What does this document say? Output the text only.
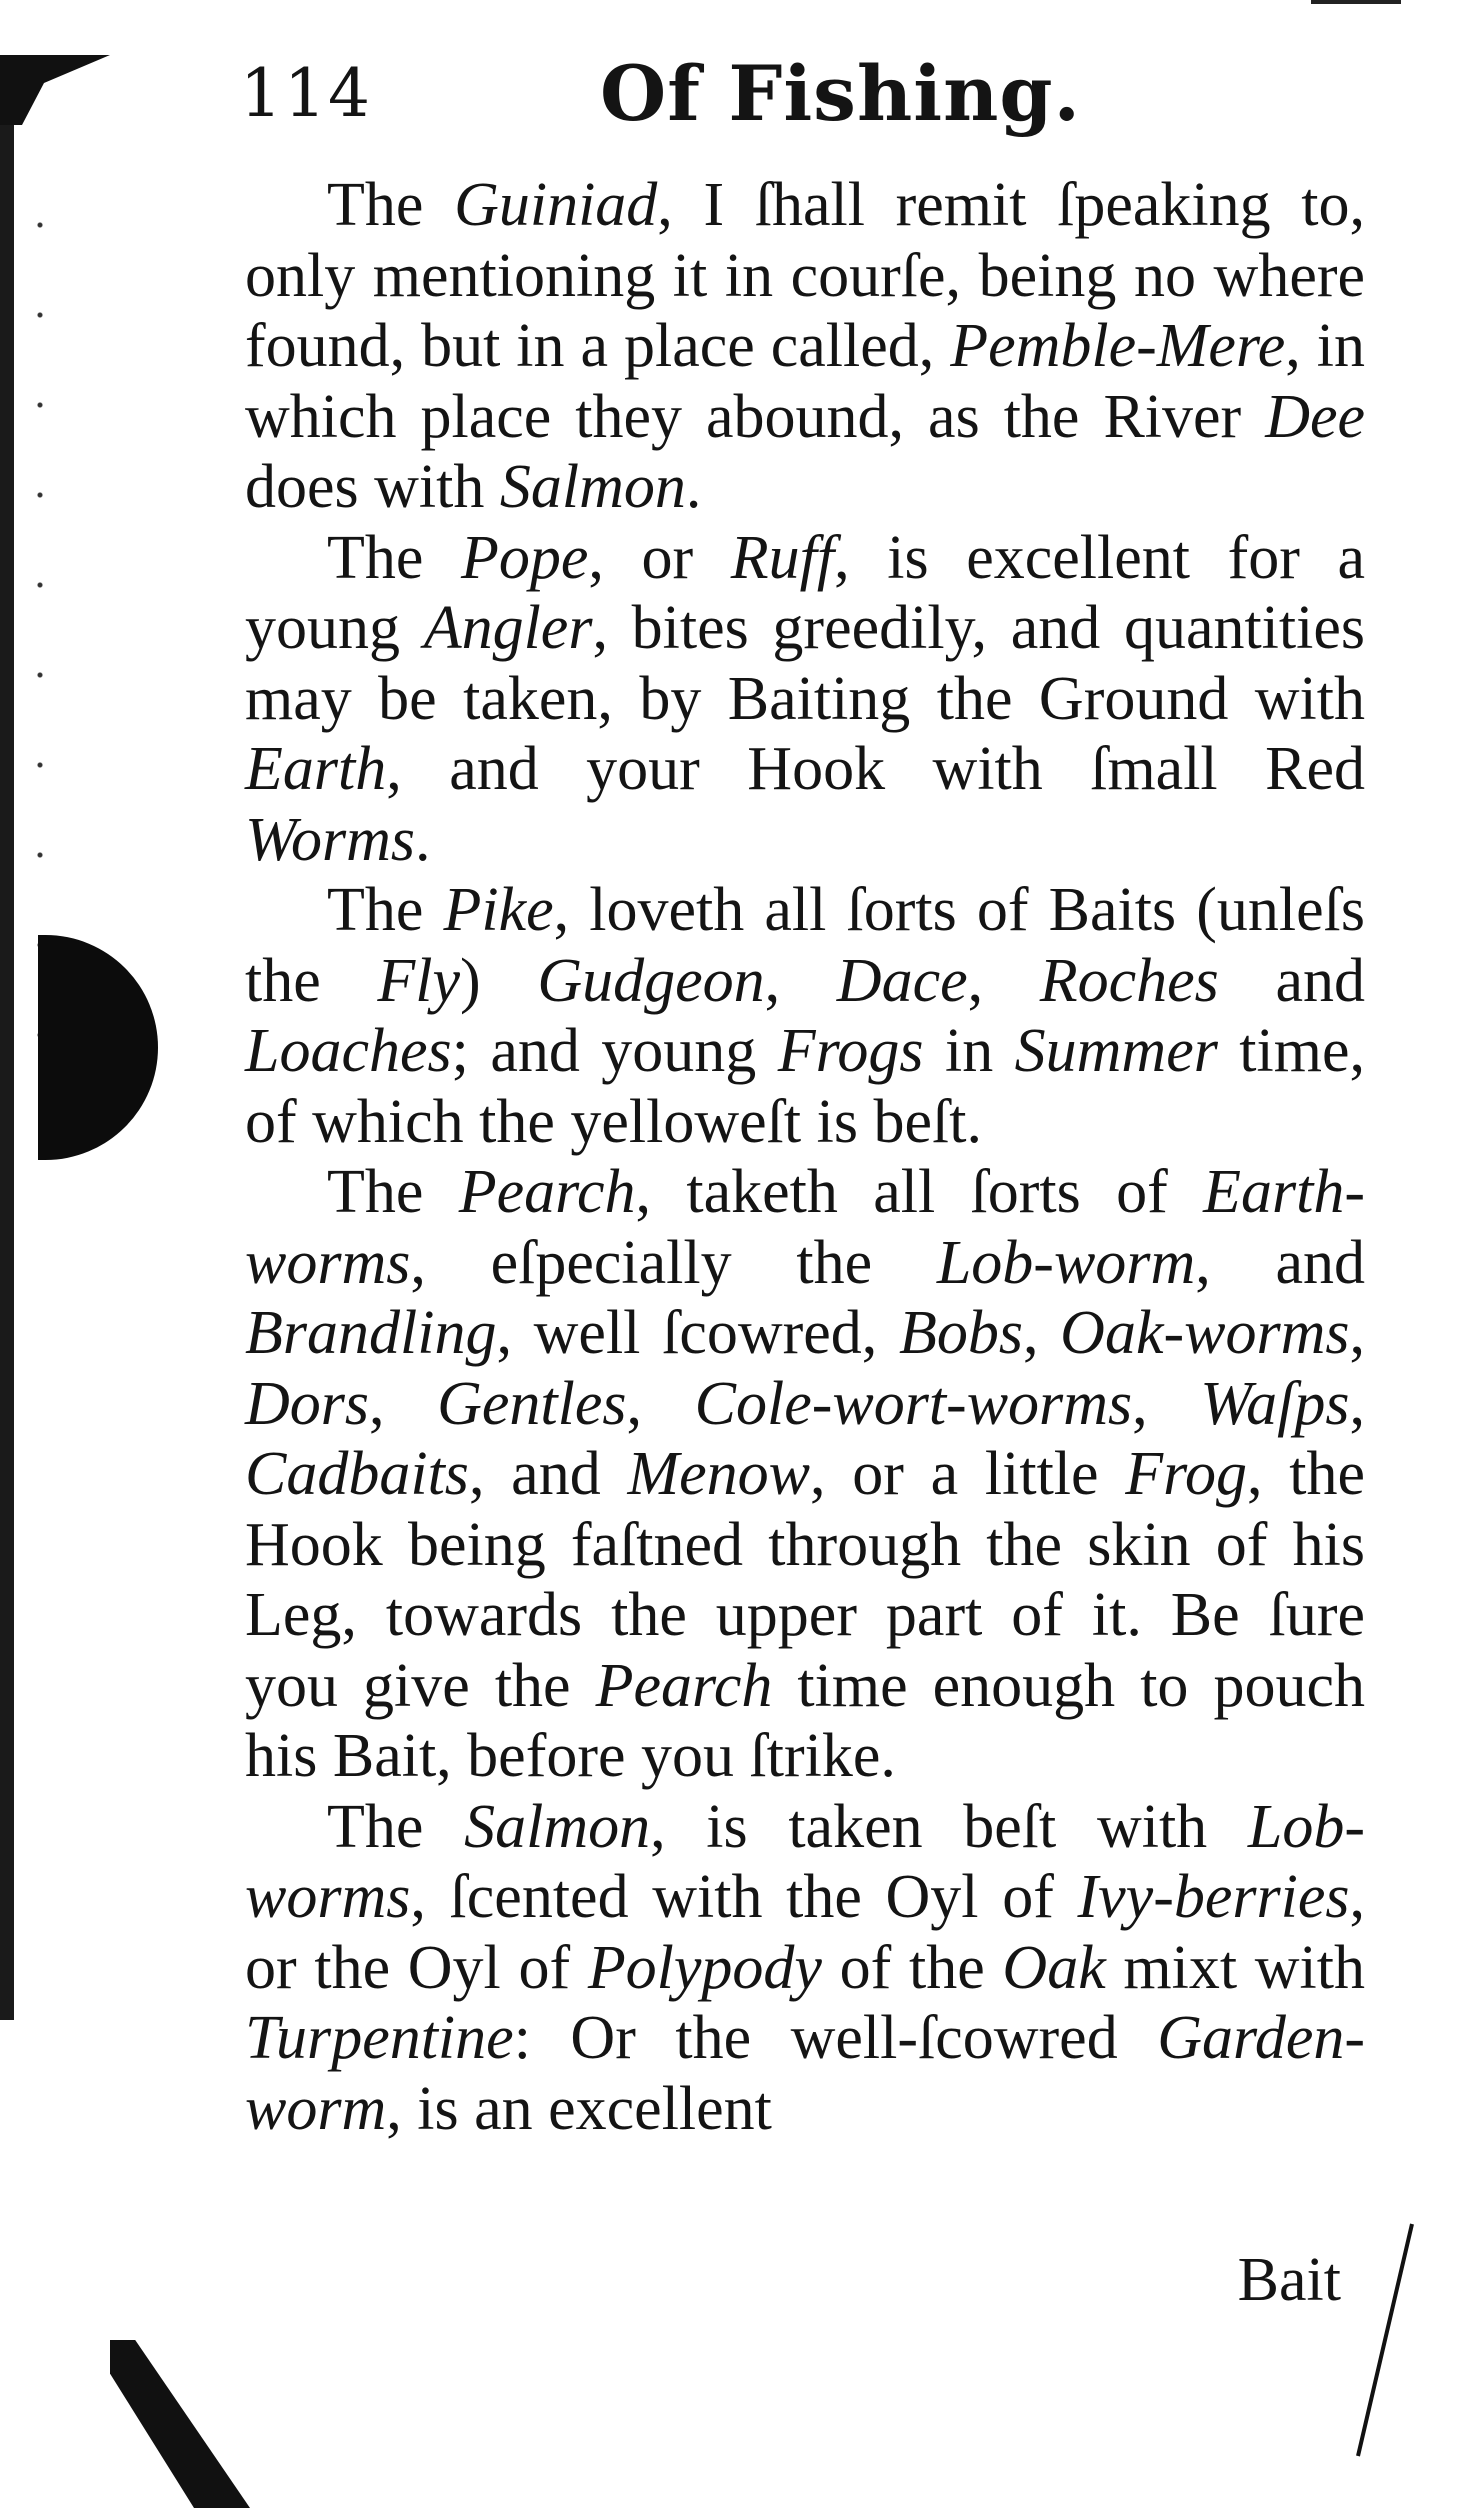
114	Of Fishing.

The Guiniad, I ſhall remit ſpeaking to, only mentioning it in courſe, being no where found, but in a place called, Pemble-Mere, in which place they abound, as the River Dee does with Salmon.

The Pope, or Ruff, is excellent for a young Angler, bites greedily, and quantities may be taken, by Baiting the Ground with Earth, and your Hook with ſmall Red Worms.

The Pike, loveth all ſorts of Baits (unleſs the Fly) Gudgeon, Dace, Roches and Loaches; and young Frogs in Summer time, of which the yelloweſt is beſt.

The Pearch, taketh all ſorts of Earth-worms, eſpecially the Lob-worm, and Brandling, well ſcowred, Bobs, Oak-worms, Dors, Gentles, Cole-wort-worms, Waſps, Cadbaits, and Menow, or a little Frog, the Hook being faſtned through the skin of his Leg, towards the upper part of it. Be ſure you give the Pearch time enough to pouch his Bait, before you ſtrike.

The Salmon, is taken beſt with Lob-worms, ſcented with the Oyl of Ivy-berries, or the Oyl of Polypody of the Oak mixt with Turpentine: Or the well-ſcowred Garden-worm, is an excellent

Bait
